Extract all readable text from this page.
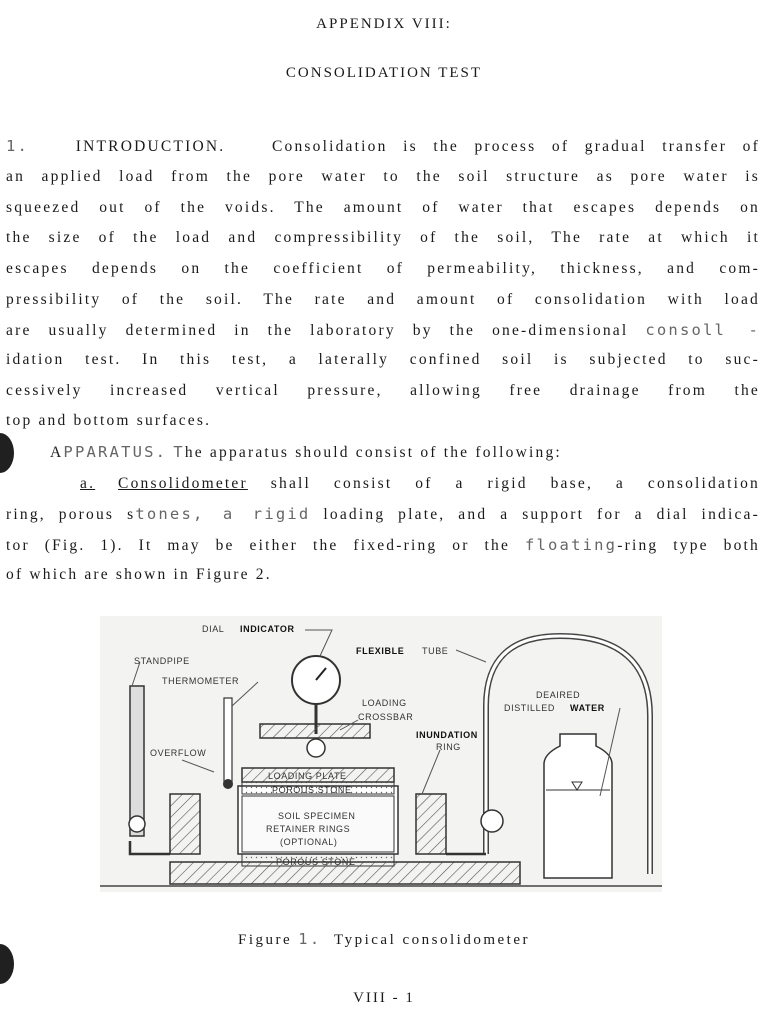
APPENDIX VIII:
CONSOLIDATION TEST
1.	INTRODUCTION.	Consolidation is the process of gradual transfer of
an applied load from the pore water to the soil structure as pore water is
squeezed out of the voids. The amount of water that escapes depends on
the size of the load and compressibility of the soil, The rate at which it
escapes depends on the coefficient of permeability, thickness, and com-
pressibility of the soil. The rate and amount of consolidation with load
are usually determined in the laboratory by the one-dimensional consoll -
idation test. In this test, a laterally confined soil is subjected to suc-
cessively increased vertical pressure, allowing free drainage from the
top and bottom surfaces.
APPARATUS. The apparatus should consist of the following:
a. Consolidometer shall consist of a rigid base, a consolidation
ring, porous stones, a rigid loading plate, and a support for a dial indica-
tor (Fig. 1). It may be either the fixed-ring or the floating-ring type both
of which are shown in Figure 2.
DIAL INDICATOR
FLEXIBLE TUBE
STANDPIPE
THERMOMETER
LOADING
CROSSBAR
DEAIRED
DISTILLED WATER
INUNDATION
RING
OVERFLOW
LOADING PLATE
POROUS STONE
SOIL SPECIMEN
RETAINER RINGS
(OPTIONAL)
POROUS STONE
Figure 1. Typical consolidometer
VIII - 1
